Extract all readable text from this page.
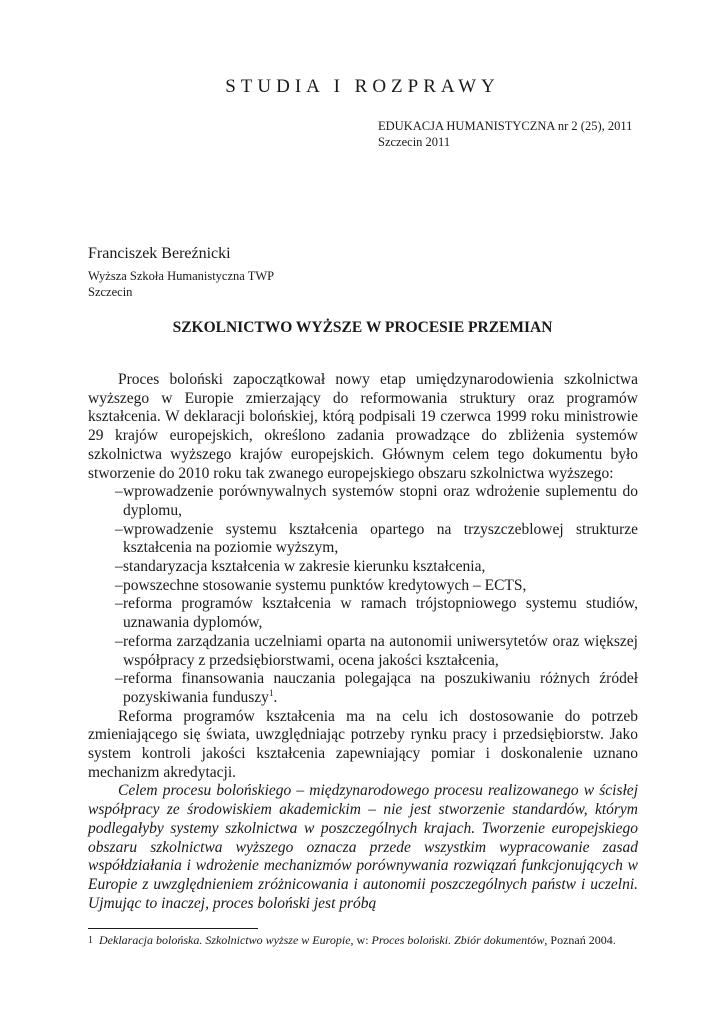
STUDIA I ROZPRAWY
EDUKACJA HUMANISTYCZNA nr 2 (25), 2011
Szczecin 2011
Franciszek Bereźnicki
Wyższa Szkoła Humanistyczna TWP
Szczecin
SZKOLNICTWO WYŻSZE W PROCESIE PRZEMIAN

Proces boloński zapoczątkował nowy etap umiędzynarodowienia szkolnictwa wyższego w Europie zmierzający do reformowania struktury oraz programów kształcenia. W deklaracji bolońskiej, którą podpisali 19 czerwca 1999 roku ministrowie 29 krajów europejskich, określono zadania prowadzące do zbliżenia systemów szkolnictwa wyższego krajów europejskich. Głównym celem tego dokumentu było stworzenie do 2010 roku tak zwanego europejskiego obszaru szkolnictwa wyższego:

– wprowadzenie porównywalnych systemów stopni oraz wdrożenie suplementu do dyplomu,
– wprowadzenie systemu kształcenia opartego na trzyszczeblowej strukturze kształcenia na poziomie wyższym,
– standaryzacja kształcenia w zakresie kierunku kształcenia,
– powszechne stosowanie systemu punktów kredytowych – ECTS,
– reforma programów kształcenia w ramach trójstopniowego systemu studiów, uznawania dyplomów,
– reforma zarządzania uczelniami oparta na autonomii uniwersytetów oraz większej współpracy z przedsiębiorstwami, ocena jakości kształcenia,
– reforma finansowania nauczania polegająca na poszukiwaniu różnych źródeł pozyskiwania funduszy$^1$.

Reforma programów kształcenia ma na celu ich dostosowanie do potrzeb zmieniającego się świata, uwzględniając potrzeby rynku pracy i przedsiębiorstw. Jako system kontroli jakości kształcenia zapewniający pomiar i doskonalenie uznano mechanizm akredytacji.

Celem procesu bolońskiego – międzynarodowego procesu realizowanego w ścisłej współpracy ze środowiskiem akademickim – nie jest stworzenie standardów, którym podlegałyby systemy szkolnictwa w poszczególnych krajach. Tworzenie europejskiego obszaru szkolnictwa wyższego oznacza przede wszystkim wypracowanie zasad współdziałania i wdrożenie mechanizmów porównywania rozwiązań funkcjonujących w Europie z uwzględnieniem zróżnicowania i autonomii poszczególnych państw i uczelni. Ujmując to inaczej, proces boloński jest próbą

$^1$ Deklaracja bolońska. Szkolnictwo wyższe w Europie, w: Proces boloński. Zbiór dokumentów, Poznań 2004.
